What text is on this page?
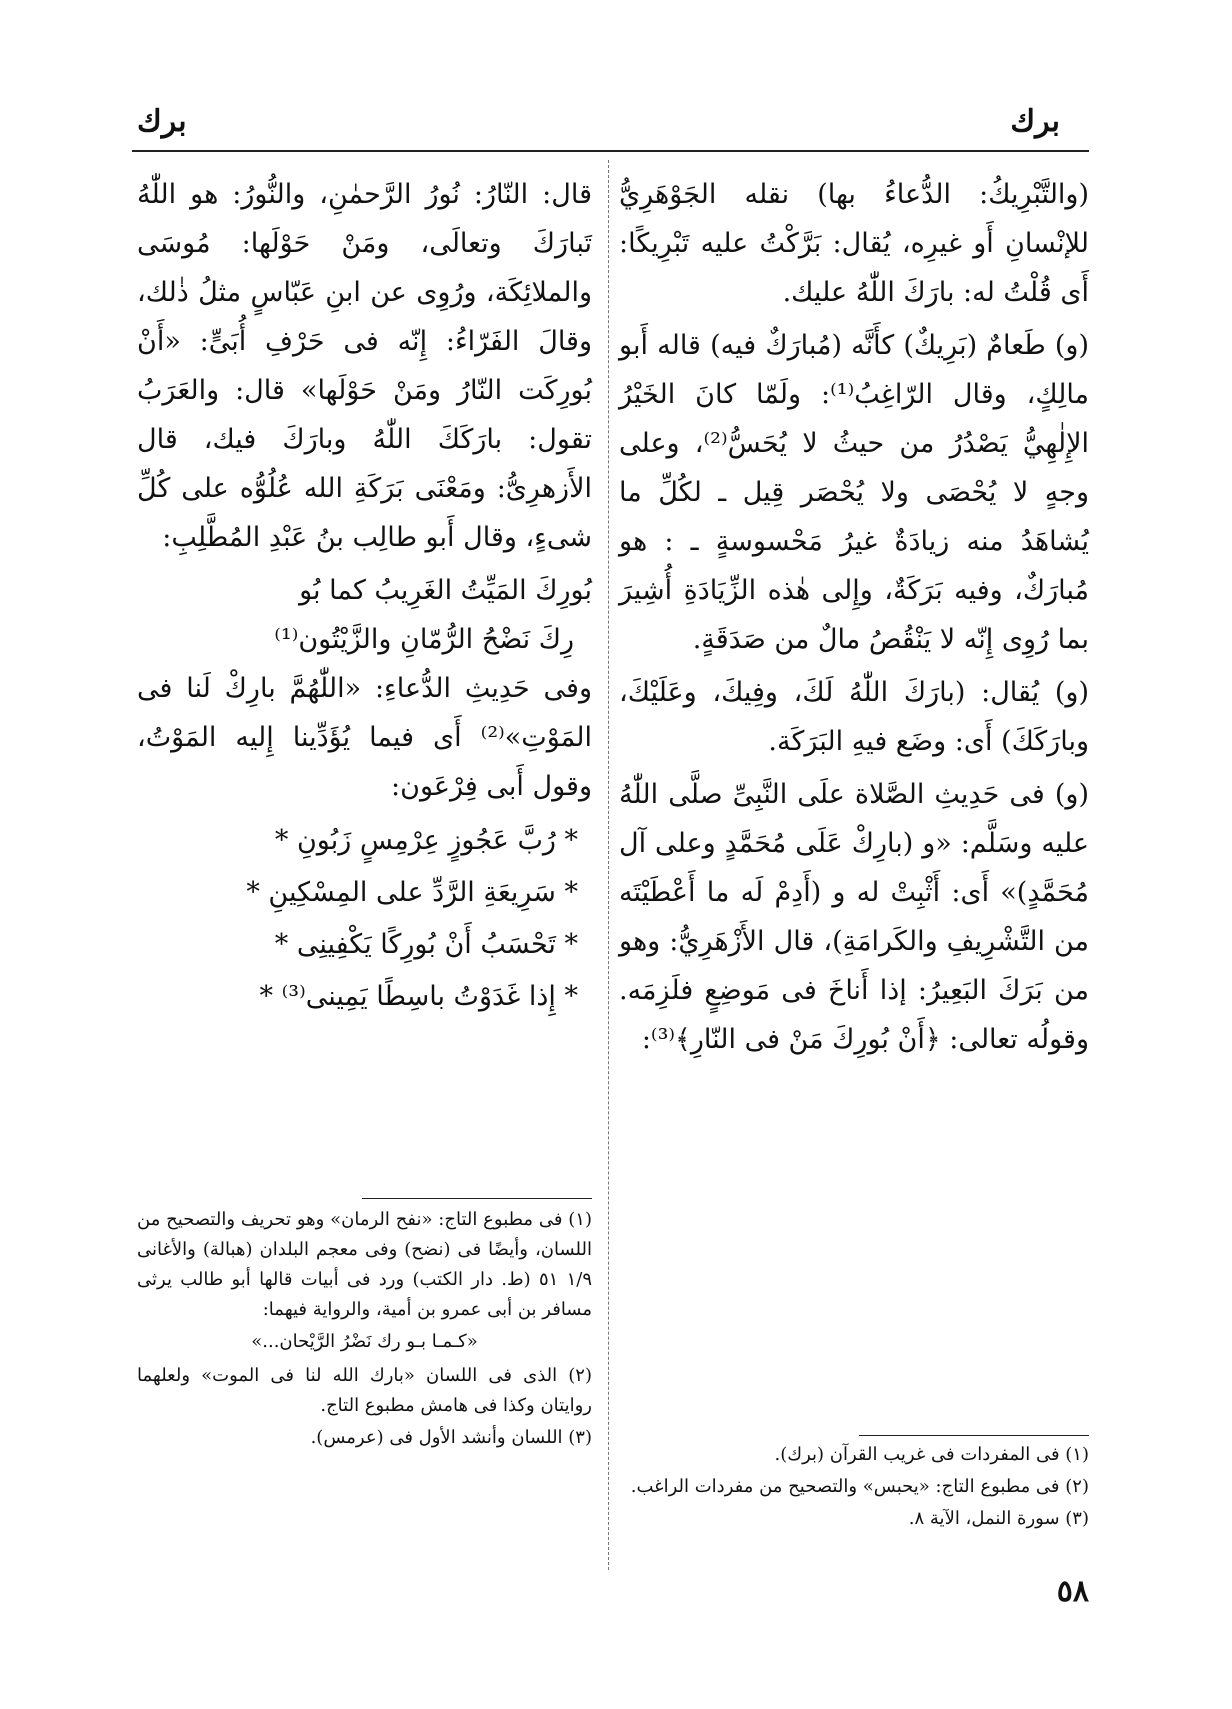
برك
برك

(والتَّبْرِيكُ: الدُّعاءُ بها) نقله الجَوْهَرِيُّ للإنْسانِ أَو غيرِه، يُقال: بَرَّكْتُ عليه تَبْرِيكًا: أَى قُلْتُ له: بارَكَ اللّٰهُ عليك.

(و) طَعامٌ (بَرِيكٌ) كأَنَّه (مُبارَكٌ فيه) قاله أَبو مالِكٍ، وقال الرّاغِبُ⁽¹⁾: ولَمّا كانَ الخَيْرُ الإِلٰهِيُّ يَصْدُرُ من حيثُ لا يُحَسُّ⁽²⁾، وعلى وجهٍ لا يُحْصَى ولا يُحْصَر قِيل ـ لكُلِّ ما يُشاهَدُ منه زيادَةٌ غيرُ مَحْسوسةٍ ـ : هو مُبارَكٌ، وفيه بَرَكَةٌ، وإِلى هٰذه الزِّيَادَةِ أُشِيرَ بما رُوِى إِنّه لا يَنْقُصُ مالٌ من صَدَقَةٍ.

(و) يُقال: (بارَكَ اللّٰهُ لَكَ، وفِيكَ، وعَلَيْكَ، وبارَكَكَ) أَى: وضَع فيهِ البَرَكَة.

(و) فى حَدِيثِ الصَّلاة علَى النَّبِىِّ صلَّى اللّٰهُ عليه وسَلَّم: «و (بارِكْ عَلَى مُحَمَّدٍ وعلى آل مُحَمَّدٍ)» أَى: أَثْبِتْ له و (أَدِمْ لَه ما أَعْطَيْتَه من التَّشْرِيفِ والكَرامَةِ)، قال الأَزْهَرِيُّ: وهو من بَرَكَ البَعِيرُ: إذا أَناخَ فى مَوضِعٍ فلَزِمَه. وقولُه تعالى: ﴿أَنْ بُورِكَ مَنْ فى النّارِ﴾⁽³⁾:

قال: النّارُ: نُورُ الرَّحمٰنِ، والنُّورُ: هو اللّٰهُ تَبارَكَ وتعالَى، ومَنْ حَوْلَها: مُوسَى والملائِكَة، ورُوِى عن ابنِ عَبّاسٍ مثلُ ذٰلك، وقالَ الفَرّاءُ: إِنّه فى حَرْفِ أُبَىٍّ: «أَنْ بُورِكَت النّارُ ومَنْ حَوْلَها» قال: والعَرَبُ تقول: بارَكَكَ اللّٰهُ وبارَكَ فيك، قال الأَزهرِىُّ: ومَعْنَى بَرَكَةِ الله عُلُوُّه على كُلِّ شىءٍ، وقال أَبو طالِب بنُ عَبْدِ المُطَّلِبِ:

بُورِكَ المَيِّتُ الغَرِيبُ كما بُو

رِكَ نَضْحُ الرُّمّانِ والزَّيْتُون⁽¹⁾

وفى حَدِيثِ الدُّعاءِ: «اللّٰهُمَّ بارِكْ لَنا فى المَوْتِ»⁽²⁾ أَى فيما يُؤَدِّينا إِليه المَوْتُ، وقول أَبى فِرْعَون:

* رُبَّ عَجُوزٍ عِرْمِسٍ زَبُونِ *

* سَرِيعَةِ الرَّدِّ على المِسْكِينِ *

* تَحْسَبُ أَنْ بُورِكًا يَكْفِينِى *

* إِذا غَدَوْتُ باسِطًا يَمِينى⁽³⁾ *

(١) فى المفردات فى غريب القرآن (برك).

(٢) فى مطبوع التاج: «يحبس» والتصحيح من مفردات الراغب.

(٣) سورة النمل، الآية ٨.

(١) فى مطبوع التاج: «نفح الرمان» وهو تحريف والتصحيح من اللسان، وأيضًا فى (نضح) وفى معجم البلدان (هبالة) والأغانى ١/٩ ٥١ (ط. دار الكتب) ورد فى أبيات قالها أبو طالب يرثى مسافر بن أبى عمرو بن أمية، والرواية فيهما:

«كـمـا بـو رك نَضْرُ الرَّيْحان...»

(٢) الذى فى اللسان «بارك الله لنا فى الموت» ولعلهما روايتان وكذا فى هامش مطبوع التاج.

(٣) اللسان وأنشد الأول فى (عرمس).

٥٨
